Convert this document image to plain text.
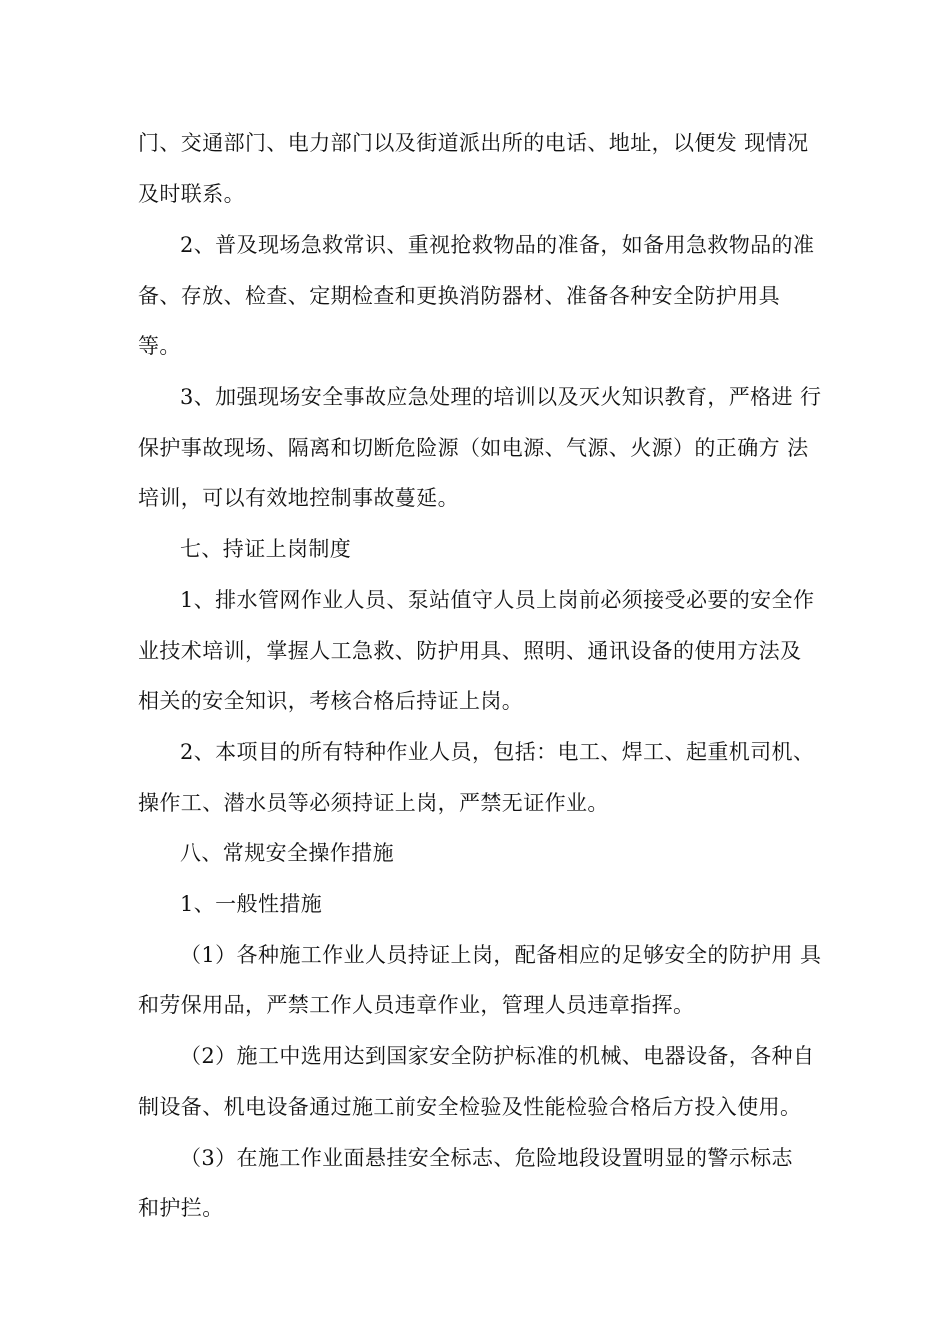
门、交通部门、电力部门以及街道派出所的电话、地址，以便发 现情况
及时联系。
2、普及现场急救常识、重视抢救物品的准备，如备用急救物品的准
备、存放、检查、定期检查和更换消防器材、准备各种安全防护用具
等。
3、加强现场安全事故应急处理的培训以及灭火知识教育，严格进 行
保护事故现场、隔离和切断危险源（如电源、气源、火源）的正确方 法
培训，可以有效地控制事故蔓延。
七、持证上岗制度
1、排水管网作业人员、泵站值守人员上岗前必须接受必要的安全作
业技术培训，掌握人工急救、防护用具、照明、通讯设备的使用方法及
相关的安全知识，考核合格后持证上岗。
2、本项目的所有特种作业人员，包括：电工、焊工、起重机司机、
操作工、潜水员等必须持证上岗，严禁无证作业。
八、常规安全操作措施
1、一般性措施
（1）各种施工作业人员持证上岗，配备相应的足够安全的防护用 具
和劳保用品，严禁工作人员违章作业，管理人员违章指挥。
（2）施工中选用达到国家安全防护标准的机械、电器设备，各种自
制设备、机电设备通过施工前安全检验及性能检验合格后方投入使用。
（3）在施工作业面悬挂安全标志、危险地段设置明显的警示标志
和护拦。
